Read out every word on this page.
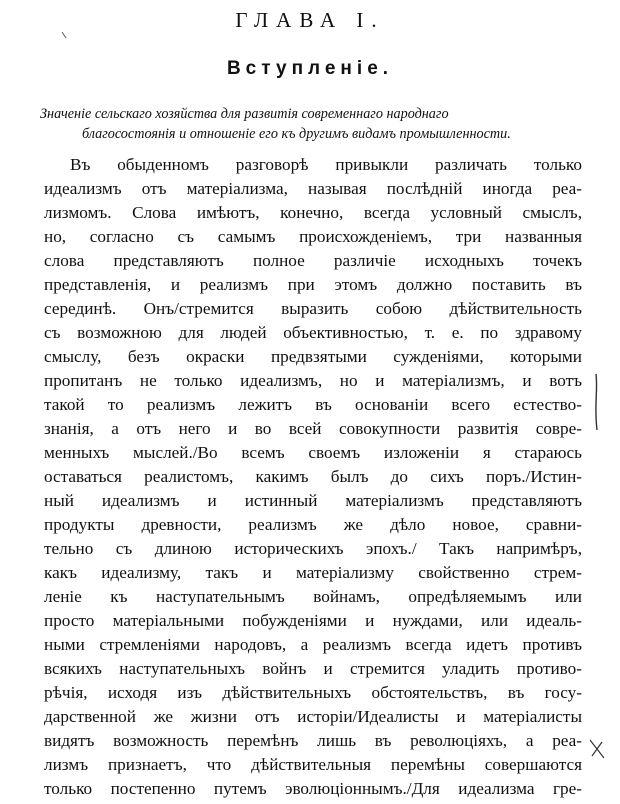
ГЛАВА I.
Вступленіе.
Значеніе сельскаго хозяйства для развитія современнаго народнаго
благосостоянія и отношеніе его къ другимъ видамъ промышленности.
Въ обыденномъ разговорѣ привыкли различать только
идеализмъ отъ матеріализма, называя послѣдній иногда реа-
лизмомъ. Слова имѣютъ, конечно, всегда условный смыслъ,
но, согласно съ самымъ происхожденіемъ, три названныя
слова представляютъ полное различіе исходныхъ точекъ
представленія, и реализмъ при этомъ должно поставить въ
серединѣ. Онъ/стремится выразить собою дѣйствительность
съ возможною для людей объективностью, т. е. по здравому
смыслу, безъ окраски предвзятыми сужденіями, которыми
пропитанъ не только идеализмъ, но и матеріализмъ, и вотъ
такой то реализмъ лежитъ въ основаніи всего естество-
знанія, а отъ него и во всей совокупности развитія совре-
менныхъ мыслей./Во всемъ своемъ изложеніи я стараюсь
оставаться реалистомъ, какимъ былъ до сихъ поръ./Истин-
ный идеализмъ и истинный матеріализмъ представляютъ
продукты древности, реализмъ же дѣло новое, сравни-
тельно съ длиною историческихъ эпохъ./ Такъ напримѣръ,
какъ идеализму, такъ и матеріализму свойственно стрем-
леніе къ наступательнымъ войнамъ, опредѣляемымъ или
просто матеріальными побужденіями и нуждами, или идеаль-
ными стремленіями народовъ, а реализмъ всегда идетъ противъ
всякихъ наступательныхъ войнъ и стремится уладить противо-
рѣчія, исходя изъ дѣйствительныхъ обстоятельствъ, въ госу-
дарственной же жизни отъ исторіи/Идеалисты и матеріалисты
видятъ возможность перемѣнъ лишь въ революціяхъ, а реа-
лизмъ признаетъ, что дѣйствительныя перемѣны совершаются
только постепенно путемъ эволюціоннымъ./Для идеализма гре-
